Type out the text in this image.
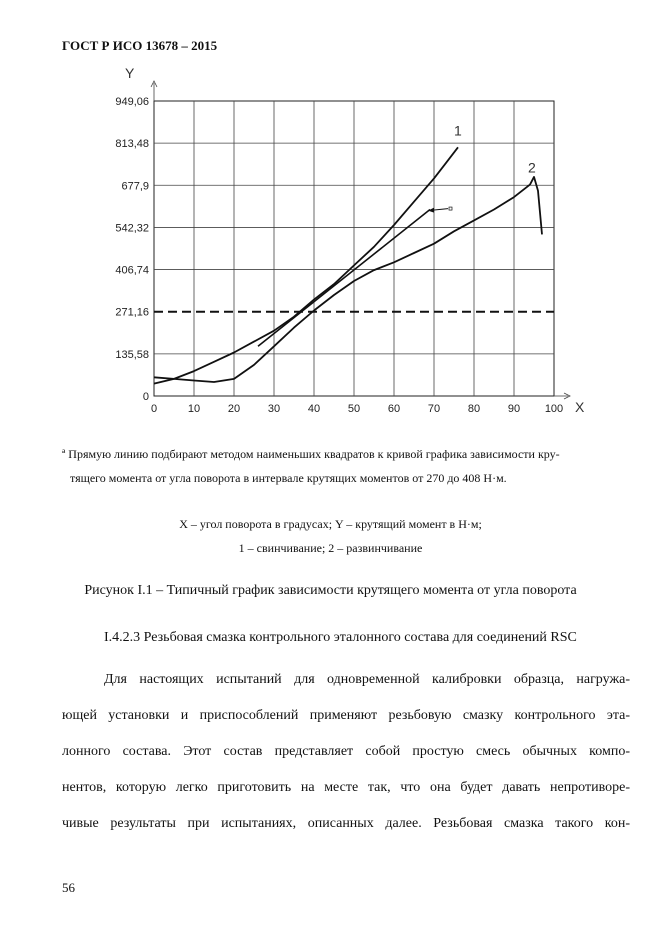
ГОСТ Р ИСО 13678 – 2015
0	10	20	30	40	50	60	70	80	90 100
0
135,58
271,16
406,74
542,32
677,9
813,48
949,06
1
2
X
Y
ª Прямую линию подбирают методом наименьших квадратов к кривой графика зависимости кру-
тящего момента от угла поворота в интервале крутящих моментов от 270 до 408 Н·м.
X – угол поворота в градусах; Y – крутящий момент в Н·м;
1 – свинчивание; 2 – развинчивание
Рисунок I.1 – Типичный график зависимости крутящего момента от угла поворота
I.4.2.3 Резьбовая смазка контрольного эталонного состава для соединений RSC
Для настоящих испытаний для одновременной калибровки образца, нагружа-
ющей установки и приспособлений применяют резьбовую смазку контрольного эта-
лонного состава. Этот состав представляет собой простую смесь обычных компо-
нентов, которую легко приготовить на месте так, что она будет давать непротиворе-
чивые результаты при испытаниях, описанных далее. Резьбовая смазка такого кон-
56
